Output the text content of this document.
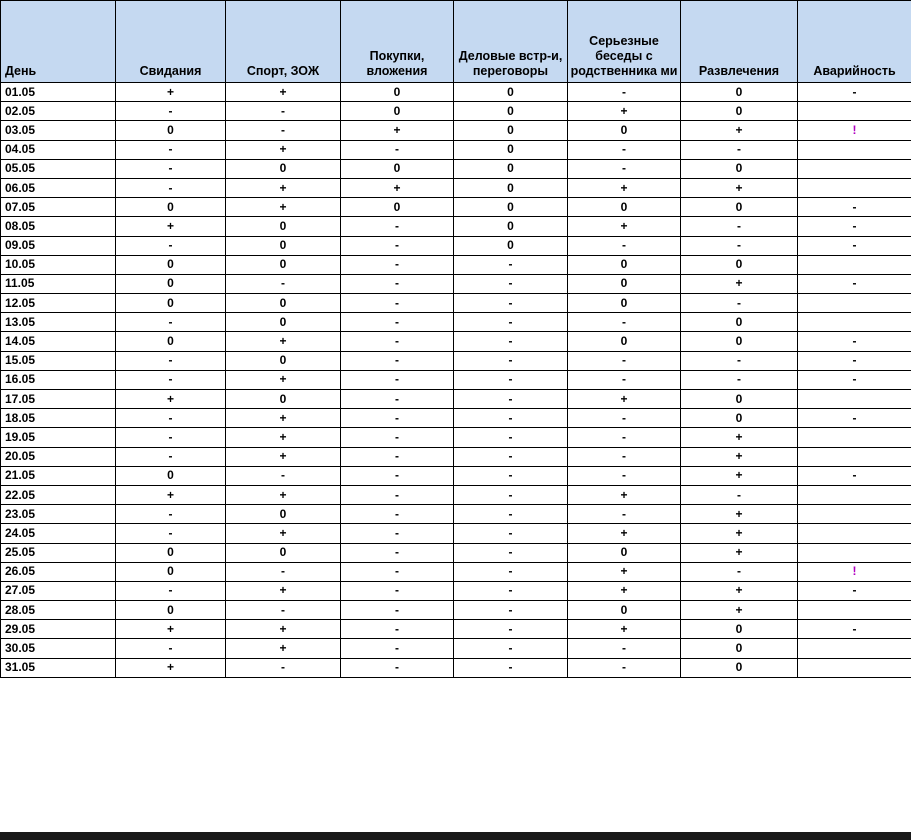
День	Свидания	Спорт, ЗОЖ	Покупки, вложения	Деловые встр-и, переговоры	Серьезные беседы с родственника ми	Развлечения	Аварийность
01.05	+	+	0	0	-	0	-
02.05	-	-	0	0	+	0	
03.05	0	-	+	0	0	+	!
04.05	-	+	-	0	-	-	
05.05	-	0	0	0	-	0	
06.05	-	+	+	0	+	+	
07.05	0	+	0	0	0	0	-
08.05	+	0	-	0	+	-	-
09.05	-	0	-	0	-	-	-
10.05	0	0	-	-	0	0	
11.05	0	-	-	-	0	+	-
12.05	0	0	-	-	0	-	
13.05	-	0	-	-	-	0	
14.05	0	+	-	-	0	0	-
15.05	-	0	-	-	-	-	-
16.05	-	+	-	-	-	-	-
17.05	+	0	-	-	+	0	
18.05	-	+	-	-	-	0	-
19.05	-	+	-	-	-	+	
20.05	-	+	-	-	-	+	
21.05	0	-	-	-	-	+	-
22.05	+	+	-	-	+	-	
23.05	-	0	-	-	-	+	
24.05	-	+	-	-	+	+	
25.05	0	0	-	-	0	+	
26.05	0	-	-	-	+	-	!
27.05	-	+	-	-	+	+	-
28.05	0	-	-	-	0	+	
29.05	+	+	-	-	+	0	-
30.05	-	+	-	-	-	0	
31.05	+	-	-	-	-	0	
